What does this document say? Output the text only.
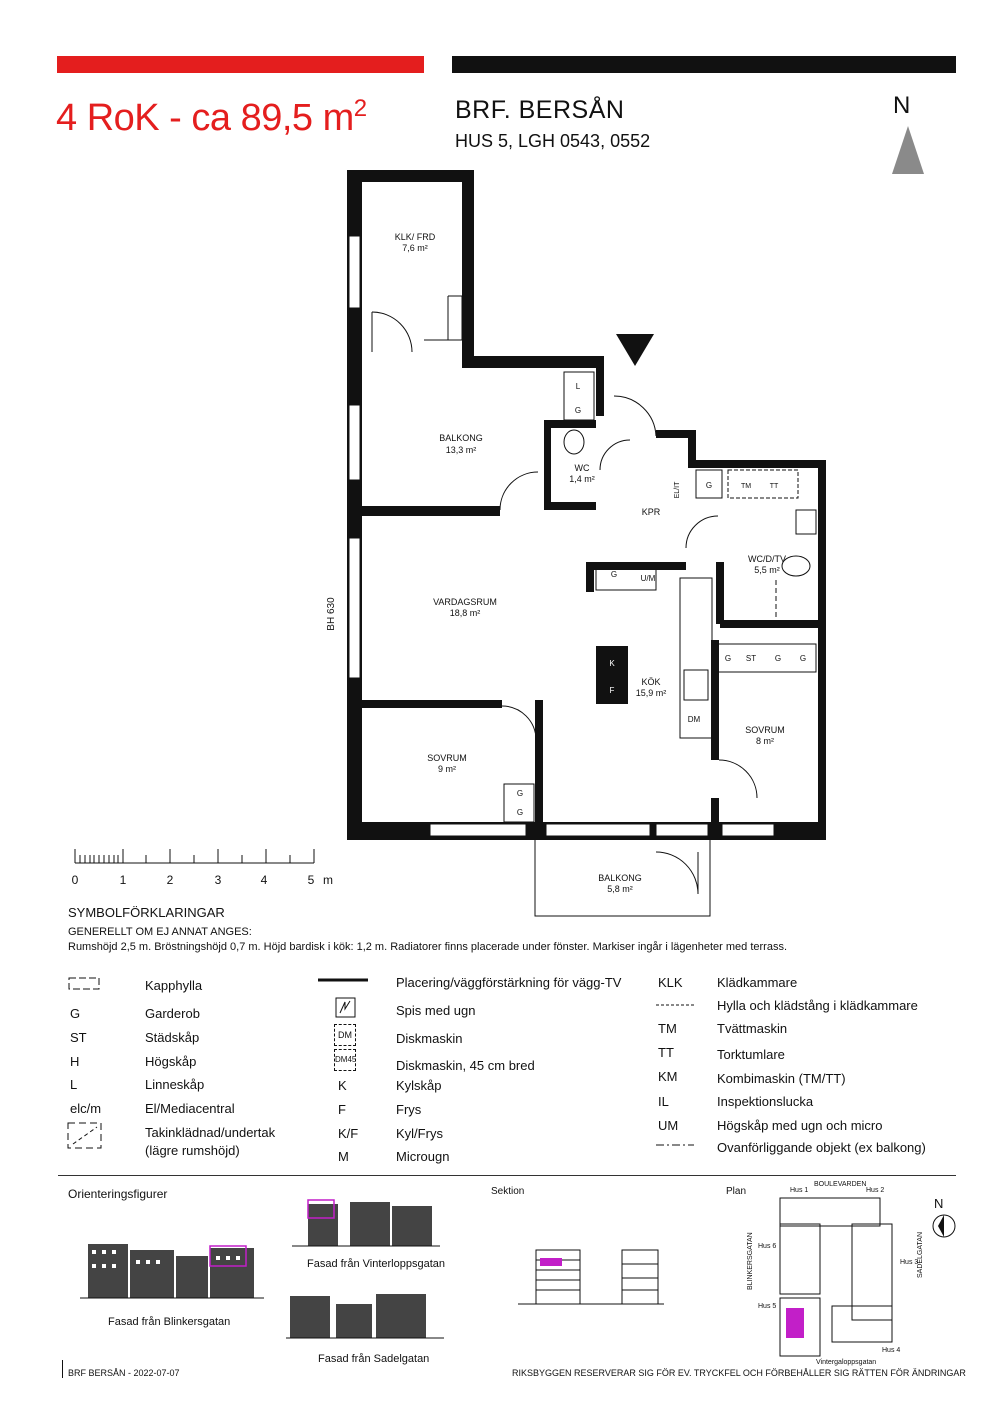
4 RoK - ca 89,5 $m^2$	BRF. BERSÅN
HUS 5, LGH 0543, 0552
N
KLK/ FRD
7,6 m²
BALKONG
13,3 m²
WC
1,4 m²
KPR
WC/D/TV
5,5 m²
VARDAGSRUM
18,8 m²
KÖK
15,9 m²
SOVRUM
8 m²
SOVRUM
9 m²
BALKONG
5,8 m²
L
G
G	TM	TT
G	U/M
K
F
DM
G ST G G
G
G
EL/IT
BH 630
0	1	2	3	4	5 m
SYMBOLFÖRKLARINGAR
GENERELLT OM EJ ANNAT ANGES:
Rumshöjd 2,5 m. Bröstningshöjd 0,7 m. Höjd bardisk i kök: 1,2 m. Radiatorer finns placerade under fönster. Markiser ingår i lägenheter med terrass.
Kapphylla
G	Garderob
ST	Städskåp
H	Högskåp
L	Linneskåp
elc/m	El/Mediacentral
Takinklädnad/undertak
(lägre rumshöjd)
Placering/väggförstärkning för vägg-TV
Spis med ugn
DM	Diskmaskin
DM45	Diskmaskin, 45 cm bred
K	Kylskåp
F	Frys
K/F	Kyl/Frys
M	Microugn
KLK	Klädkammare
Hylla och klädstång i klädkammare
TM	Tvättmaskin
TT	Torktumlare
KM	Kombimaskin (TM/TT)
IL	Inspektionslucka
UM	Högskåp med ugn och micro
Ovanförliggande objekt (ex balkong)
Orienteringsfigurer
Fasad från Blinkersgatan
Fasad från Vinterloppsgatan
Fasad från Sadelgatan
Sektion	Plan
BOULEVARDEN
Hus 1	Hus 2
Hus 3
Hus 4
Hus 5
Hus 6
Vintergaloppsgatan
BLINKERSGATAN	SADELGATAN
N
BRF BERSÅN - 2022-07-07	RIKSBYGGEN RESERVERAR SIG FÖR EV. TRYCKFEL OCH FÖRBEHÅLLER SIG RÄTTEN FÖR ÄNDRINGAR
